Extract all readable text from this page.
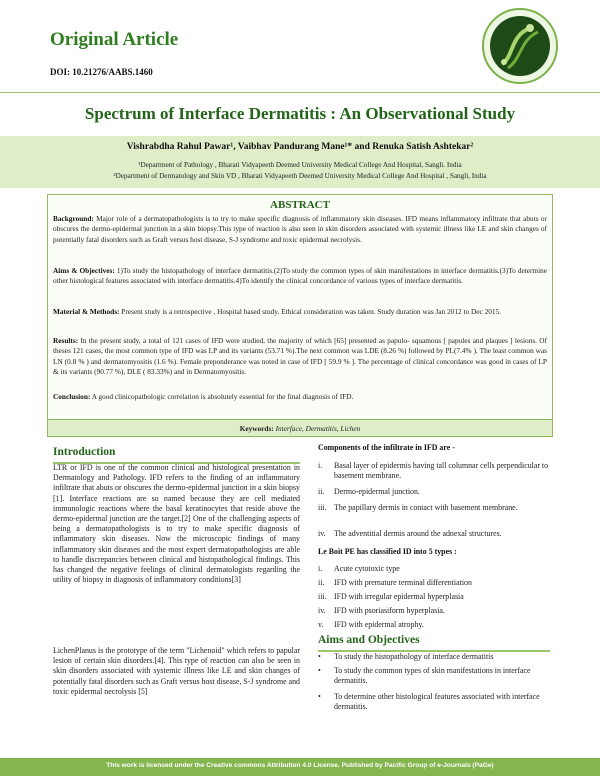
Original Article
DOI: 10.21276/AABS.1460
Spectrum of Interface Dermatitis : An Observational Study
Vishrabdha Rahul Pawar¹, Vaibhav Pandurang Mane¹* and Renuka Satish Ashtekar²
¹Department of Pathology , Bharati Vidyapeeth Deemed University Medical College And Hospital, Sangli. India
²Department of Dermatology and Skin VD , Bharati Vidyapeeth Deemed University Medical College And Hospital , Sangli, India
ABSTRACT
Background: Major role of a dermatopathologists is to try to make specific diagnosis of inflammatory skin diseases. IFD means inflammatory infiltrate that abuts or obscures the dermo-epidermal junction in a skin biopsy.This type of reaction is also seen in skin disorders associated with systemic illness like LE and skin changes of potentially fatal disorders such as Graft versus host disease, S-J syndrome and toxic epidermal necrolysis.
Aims & Objectives: 1)To study the histopathology of interface dermatitis.(2)To study the common types of skin manifestations in interface dermatitis.(3)To determine other histological features associated with interface dermatitis.4)To identify the clinical concordance of various types of interface dermatitis.
Material & Methods: Present study is a retrospective , Hospital based study. Ethical consideration was taken. Study duration was Jan 2012 to Dec 2015.
Results: In the present study, a total of 121 cases of IFD were studied, the majority of which [65] presented as papulo- squamous [ papules and plaques ] lesions. Of theses 121 cases, the most common type of IFD was LP and its variants (53.71 %).The next common was LDE (8.26 %) followed by PL(7.4% ). The least common was LN (0.8 % ) and dermatomyositis (1.6 %). Female preponderance was noted in case of IFD [ 59.9 % ]. The percentage of clinical concordance was good in cases of LP & its variants (90.77 %), DLE ( 83.33%) and in Dermatomyositis.
Conclusion: A good clinicopathologic correlation is absolutely essential for the final diagnosis of IFD.
Keywords: Interface, Dermatitis, Lichen
Introduction
LTR or IFD is one of the common clinical and histological presentation in Dermatology and Pathology. IFD refers to the finding of an inflammatory infiltrate that abuts or obscures the dermo-epidermal junction in a skin biopsy [1]. Interface reactions are so named because they are cell mediated immunologic reactions where the basal keratinocytes that reside above the dermo-epidermal junction are the target.[2] One of the challenging aspects of being a dermatopathologists is to try to make specific diagnosis of inflammatory skin diseases. Now the microscopic findings of many inflammatory skin diseases and the most expert dermatopathologists are able to handle discrepancies between clinical and histopathological findings. This has changed the negative feelings of clinical dermatologists regarding the utility of biopsy in diagnosis of inflammatory conditions[3]
LichenPlanus is the prototype of the term "Lichenoid" which refers to papular lesion of certain skin disorders.[4]. This type of reaction can also be seen in skin disorders associated with systemic illness like LE and skin changes of potentially fatal disorders such as Graft versus host disease, S-J syndrome and toxic epidermal necrolysis [5]
Components of the infiltrate in IFD are -
i.	Basal layer of epidermis having tall columnar cells perpendicular to basement membrane.
ii.	Dermo-epidermal junction.
iii. The papillary dermis in contact with basement membrane.
iv.	The adventitial dermis around the adnexal structures.
Le Boit PE has classified ID into 5 types :
i.	Acute cytotoxic type
ii.	IFD with premature terminal differentiation
iii. IFD with irregular epidermal hyperplasia
iv.	IFD with psoriasiform hyperplasia.
v.	IFD with epidermal atrophy.
Aims and Objectives
•	To study the histopathology of interface dermatitis
•	To study the common types of skin manifestations in interface dermatitis.
•	To determine other histological features associated with interface dermatitis.
This work is licensed under the Creative commons Attribution 4.0 License. Published by Pacific Group of e-Journals (PaGe)
